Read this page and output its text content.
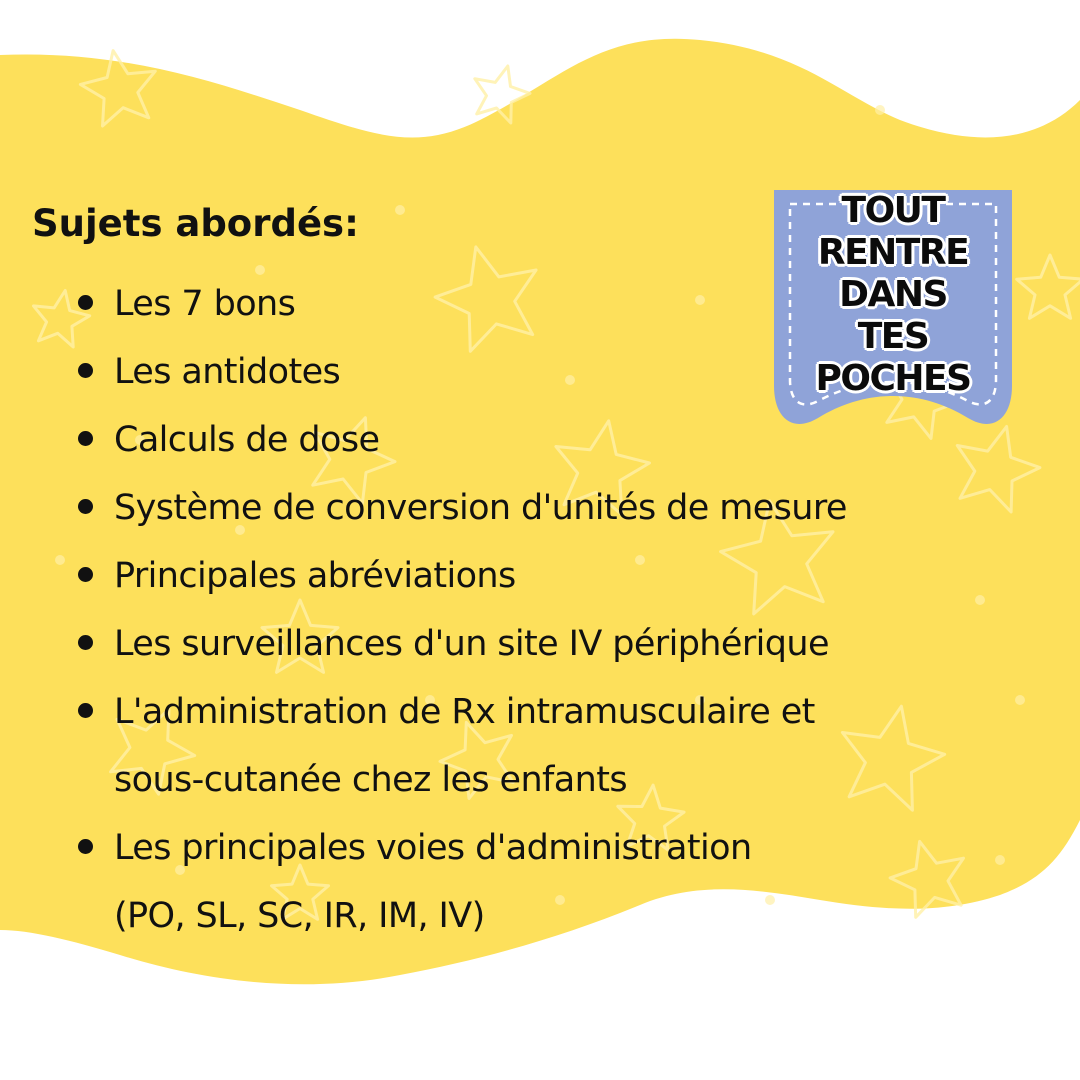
Sujets abordés:
Les 7 bons
Les antidotes
Calculs de dose
Système de conversion d'unités de mesure
Principales abréviations
Les surveillances d'un site IV périphérique
L'administration de Rx intramusculaire et
sous-cutanée chez les enfants
Les principales voies d'administration
(PO, SL, SC, IR, IM, IV)
TOUT
RENTRE
DANS
TES
POCHES
